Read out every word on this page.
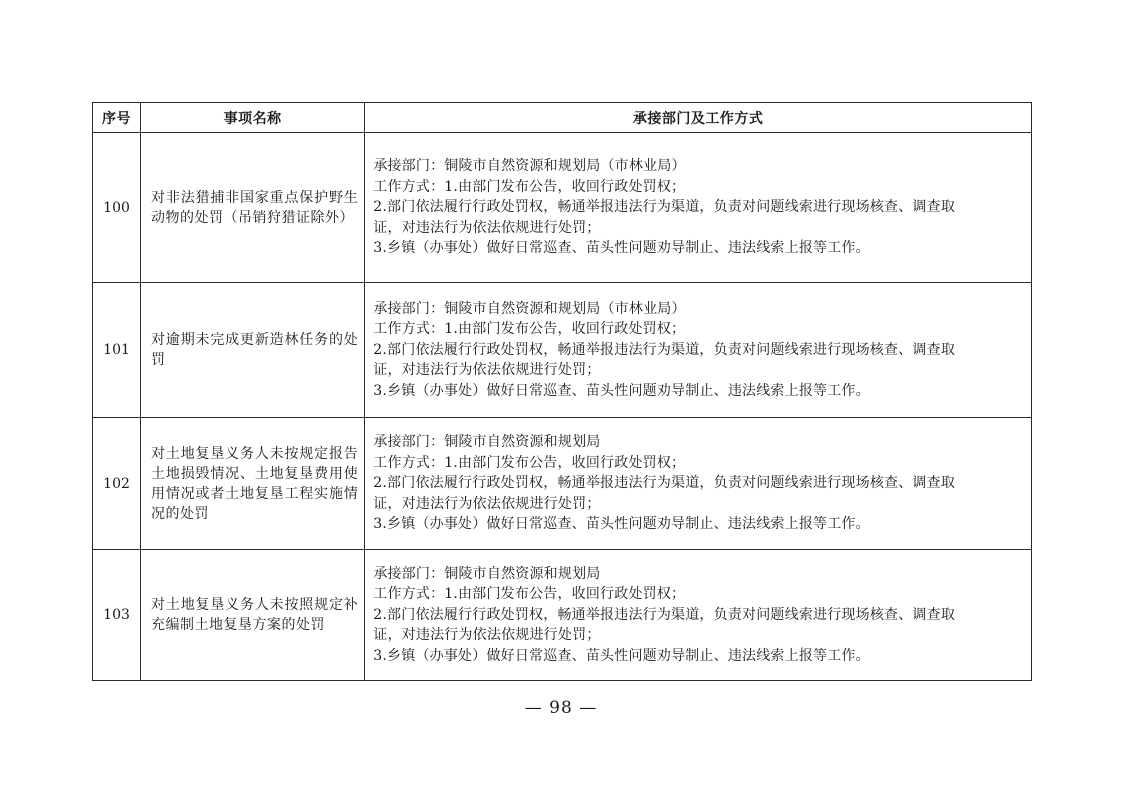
序号	事项名称	承接部门及工作方式
100	对非法猎捕非国家重点保护野生动物的处罚（吊销狩猎证除外）	承接部门：铜陵市自然资源和规划局（市林业局）
工作方式：1.由部门发布公告，收回行政处罚权；
2.部门依法履行行政处罚权，畅通举报违法行为渠道，负责对问题线索进行现场核查、调查取
证，对违法行为依法依规进行处罚；
3.乡镇（办事处）做好日常巡查、苗头性问题劝导制止、违法线索上报等工作。

101	对逾期未完成更新造林任务的处罚	承接部门：铜陵市自然资源和规划局（市林业局）
工作方式：1.由部门发布公告，收回行政处罚权；
2.部门依法履行行政处罚权，畅通举报违法行为渠道，负责对问题线索进行现场核查、调查取
证，对违法行为依法依规进行处罚；
3.乡镇（办事处）做好日常巡查、苗头性问题劝导制止、违法线索上报等工作。

102	对土地复垦义务人未按规定报告土地损毁情况、土地复垦费用使用情况或者土地复垦工程实施情况的处罚	承接部门：铜陵市自然资源和规划局
工作方式：1.由部门发布公告，收回行政处罚权；
2.部门依法履行行政处罚权，畅通举报违法行为渠道，负责对问题线索进行现场核查、调查取
证，对违法行为依法依规进行处罚；
3.乡镇（办事处）做好日常巡查、苗头性问题劝导制止、违法线索上报等工作。

103	对土地复垦义务人未按照规定补充编制土地复垦方案的处罚	承接部门：铜陵市自然资源和规划局
工作方式：1.由部门发布公告，收回行政处罚权；
2.部门依法履行行政处罚权，畅通举报违法行为渠道，负责对问题线索进行现场核查、调查取
证，对违法行为依法依规进行处罚；
3.乡镇（办事处）做好日常巡查、苗头性问题劝导制止、违法线索上报等工作。
— 98 —
